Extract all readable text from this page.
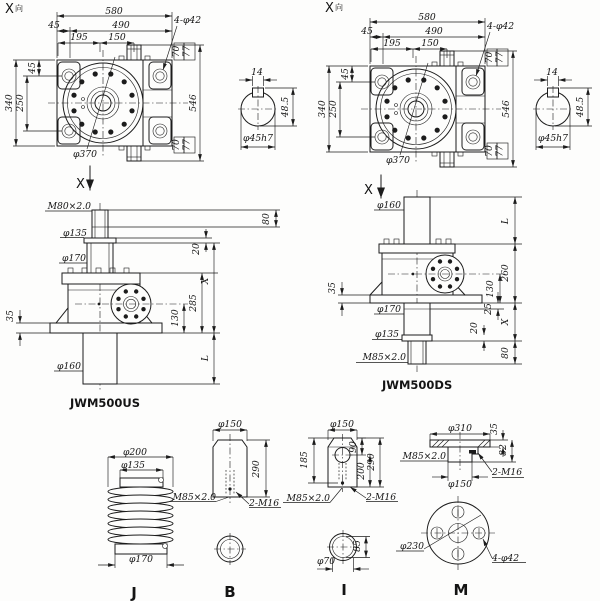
X 向	580
45	490
195 150
4-φ42
45
250
340	546
70 77
70 77
φ370
X
14
48.5
φ45h7
X 向
580
45	490
195 150
4-φ42
45
250
340	546
70 77
70 77
φ370
14
48.5
φ45h7
M80×2.0
φ135
φ170
φ160
80
20
X
285
130
35
L
JWM500US
X
φ160
φ170
φ135
M85×2.0
L
260
X
80
130
25
20
35
JWM500DS
φ200
φ135
φ170
J
φ150
290
M85×2.0
2-M16
B
φ150
185
90
200
290
M85×2.0	2-M16
85
φ70
I
φ310 35
82
M85×2.0
φ150
2-M16
φ230
4-φ42
M
